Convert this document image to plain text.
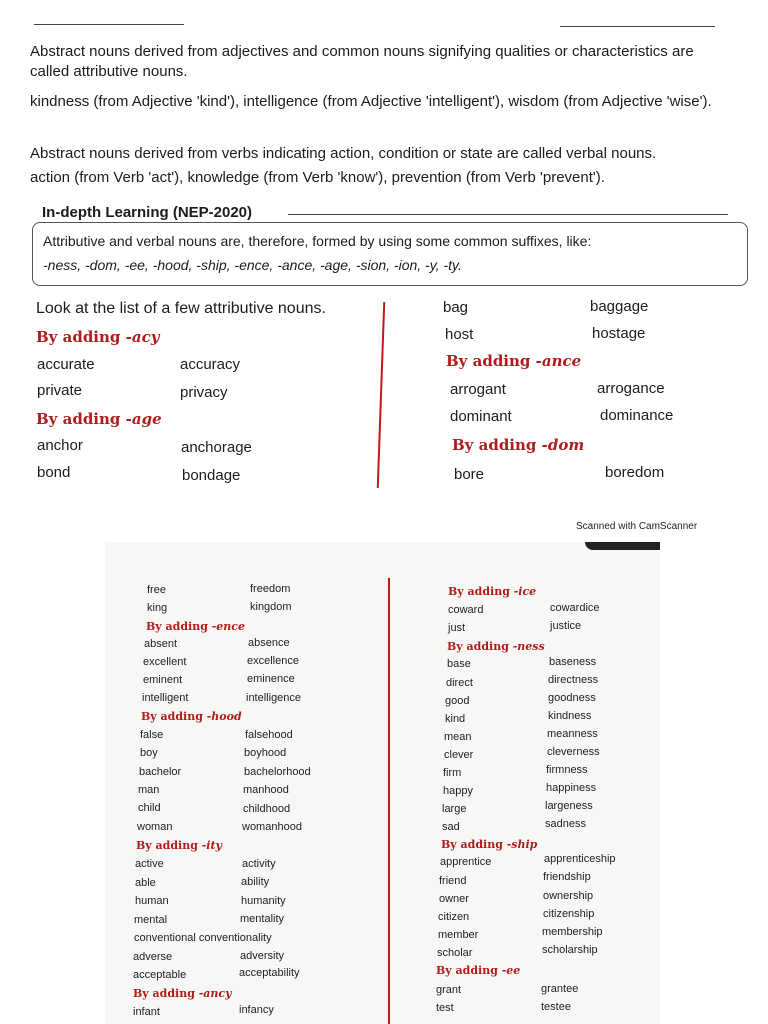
Abstract nouns derived from adjectives and common nouns signifying qualities or characteristics are called attributive nouns.
kindness (from Adjective 'kind'), intelligence (from Adjective 'intelligent'), wisdom (from Adjective 'wise').
Abstract nouns derived from verbs indicating action, condition or state are called verbal nouns.
action (from Verb 'act'), knowledge (from Verb 'know'), prevention (from Verb 'prevent').
In-depth Learning (NEP-2020)
Attributive and verbal nouns are, therefore, formed by using some common suffixes, like:
-ness, -dom, -ee, -hood, -ship, -ence, -ance, -age, -sion, -ion, -y, -ty.
Look at the list of a few attributive nouns.
By adding -acy
accurate	accuracy
private	privacy
By adding -age
anchor	anchorage
bond	bondage
bag	baggage
host	hostage
By adding -ance
arrogant	arrogance
dominant	dominance
By adding -dom
bore	boredom
Scanned with CamScanner
free	freedom
king	kingdom
By adding -ence
absent	absence
excellent	excellence
eminent	eminence
intelligent	intelligence
By adding -hood
false	falsehood
boy	boyhood
bachelor	bachelorhood
man	manhood
child	childhood
woman	womanhood
By adding -ity
active	activity
able	ability
human	humanity
mental	mentality
conventional conventionality
adverse	adversity
acceptable	acceptability
By adding -ancy
infant	infancy
By adding -ice
coward	cowardice
just	justice
By adding -ness
base	baseness
direct	directness
good	goodness
kind	kindness
mean	meanness
clever	cleverness
firm	firmness
happy	happiness
large	largeness
sad	sadness
By adding -ship
apprentice	apprenticeship
friend	friendship
owner	ownership
citizen	citizenship
member	membership
scholar	scholarship
By adding -ee
grant	grantee
test	testee
